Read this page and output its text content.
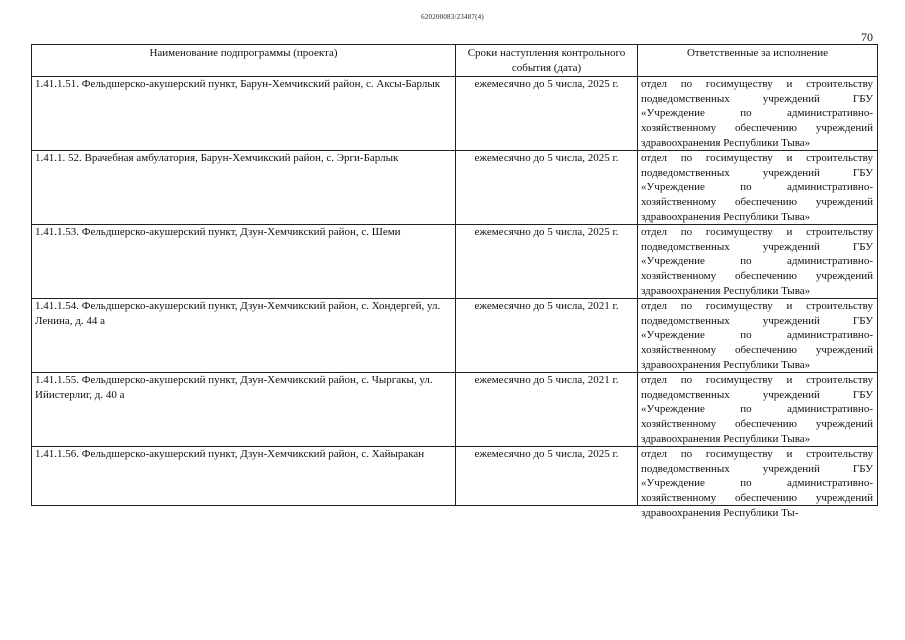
620200083/23487(4)
70
Наименование подпрограммы (проекта)	Сроки наступления контрольного события (дата)	Ответственные за исполнение
1.41.1.51. Фельдшерско-акушерский пункт, Барун-Хемчикский район, с. Аксы-Барлык	ежемесячно до 5 числа, 2025 г.	отдел по госимуществу и строительству подведомственных учреждений ГБУ «Учреждение по административно-хозяйственному обеспечению учреждений здравоохранения Республики Тыва»
1.41.1. 52. Врачебная амбулатория, Барун-Хемчикский район, с. Эрги-Барлык	ежемесячно до 5 числа, 2025 г.	отдел по госимуществу и строительству подведомственных учреждений ГБУ «Учреждение по административно-хозяйственному обеспечению учреждений здравоохранения Республики Тыва»
1.41.1.53. Фельдшерско-акушерский пункт, Дзун-Хемчикский район, с. Шеми	ежемесячно до 5 числа, 2025 г.	отдел по госимуществу и строительству подведомственных учреждений ГБУ «Учреждение по административно-хозяйственному обеспечению учреждений здравоохранения Республики Тыва»
1.41.1.54. Фельдшерско-акушерский пункт, Дзун-Хемчикский район, с. Хондергей, ул. Ленина, д. 44 а	ежемесячно до 5 числа, 2021 г.	отдел по госимуществу и строительству подведомственных учреждений ГБУ «Учреждение по административно-хозяйственному обеспечению учреждений здравоохранения Республики Тыва»
1.41.1.55. Фельдшерско-акушерский пункт, Дзун-Хемчикский район, с. Чыргакы, ул. Ийистерлиг, д. 40 а	ежемесячно до 5 числа, 2021 г.	отдел по госимуществу и строительству подведомственных учреждений ГБУ «Учреждение по административно-хозяйственному обеспечению учреждений здравоохранения Республики Тыва»
1.41.1.56. Фельдшерско-акушерский пункт, Дзун-Хемчикский район, с. Хайыракан	ежемесячно до 5 числа, 2025 г.	отдел по госимуществу и строительству подведомственных учреждений ГБУ «Учреждение по административно-хозяйственному обеспечению учреждений здравоохранения Республики Ты-
